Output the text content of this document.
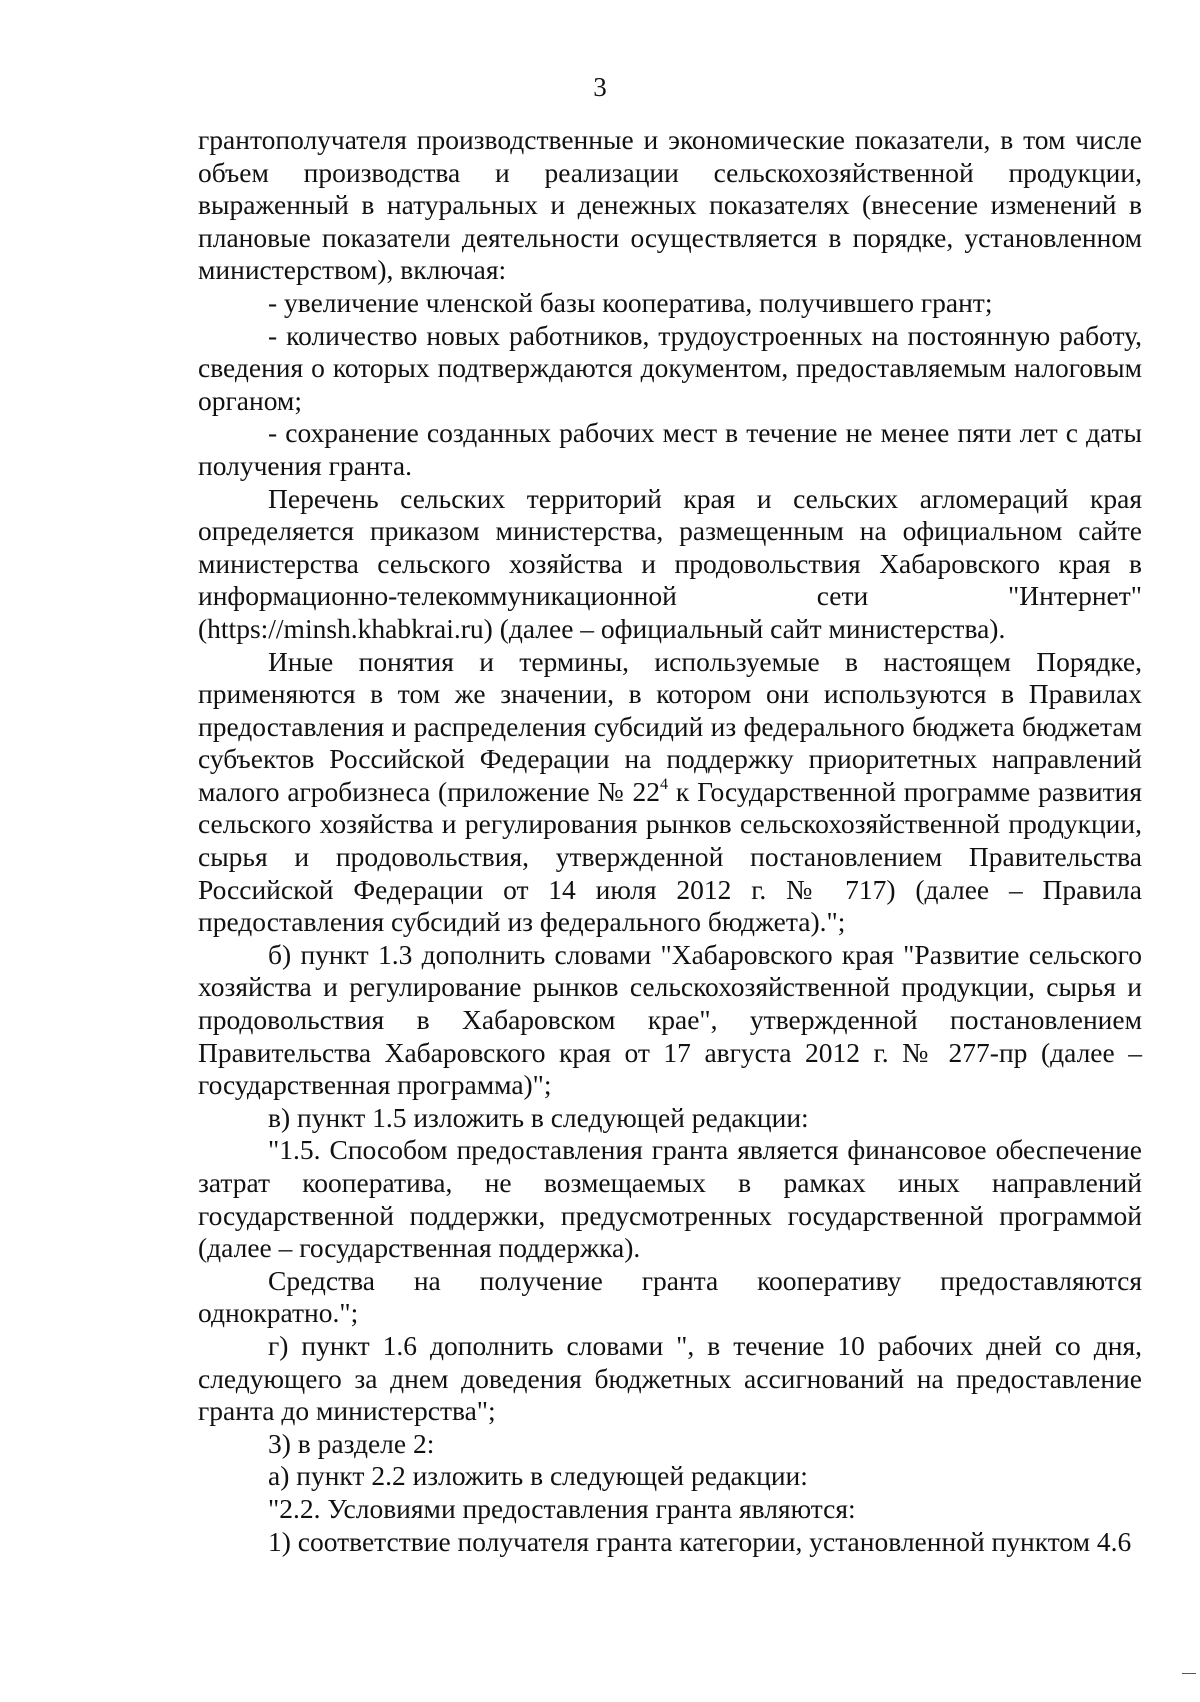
3

грантополучателя производственные и экономические показатели, в том числе объем производства и реализации сельскохозяйственной продукции, выраженный в натуральных и денежных показателях (внесение изменений в плановые показатели деятельности осуществляется в порядке, установленном министерством), включая:

- увеличение членской базы кооператива, получившего грант;

- количество новых работников, трудоустроенных на постоянную работу, сведения о которых подтверждаются документом, предоставляемым налоговым органом;

- сохранение созданных рабочих мест в течение не менее пяти лет с даты получения гранта.

Перечень сельских территорий края и сельских агломераций края определяется приказом министерства, размещенным на официальном сайте министерства сельского хозяйства и продовольствия Хабаровского края в информационно-телекоммуникационной сети "Интернет" (https://minsh.khabkrai.ru) (далее – официальный сайт министерства).

Иные понятия и термины, используемые в настоящем Порядке, применяются в том же значении, в котором они используются в Правилах предоставления и распределения субсидий из федерального бюджета бюджетам субъектов Российской Федерации на поддержку приоритетных направлений малого агробизнеса (приложение № $22^4$ к Государственной программе развития сельского хозяйства и регулирования рынков сельскохозяйственной продукции, сырья и продовольствия, утвержденной постановлением Правительства Российской Федерации от 14 июля 2012 г. № 717) (далее – Правила предоставления субсидий из федерального бюджета).";

б) пункт 1.3 дополнить словами "Хабаровского края "Развитие сельского хозяйства и регулирование рынков сельскохозяйственной продукции, сырья и продовольствия в Хабаровском крае", утвержденной постановлением Правительства Хабаровского края от 17 августа 2012 г. № 277-пр (далее – государственная программа)";

в) пункт 1.5 изложить в следующей редакции:

"1.5. Способом предоставления гранта является финансовое обеспечение затрат кооператива, не возмещаемых в рамках иных направлений государственной поддержки, предусмотренных государственной программой (далее – государственная поддержка).

Средства на получение гранта кооперативу предоставляются однократно.";

г) пункт 1.6 дополнить словами ", в течение 10 рабочих дней со дня, следующего за днем доведения бюджетных ассигнований на предоставление гранта до министерства";

3) в разделе 2:

а) пункт 2.2 изложить в следующей редакции:

"2.2. Условиями предоставления гранта являются:

1) соответствие получателя гранта категории, установленной пунктом 4.6
